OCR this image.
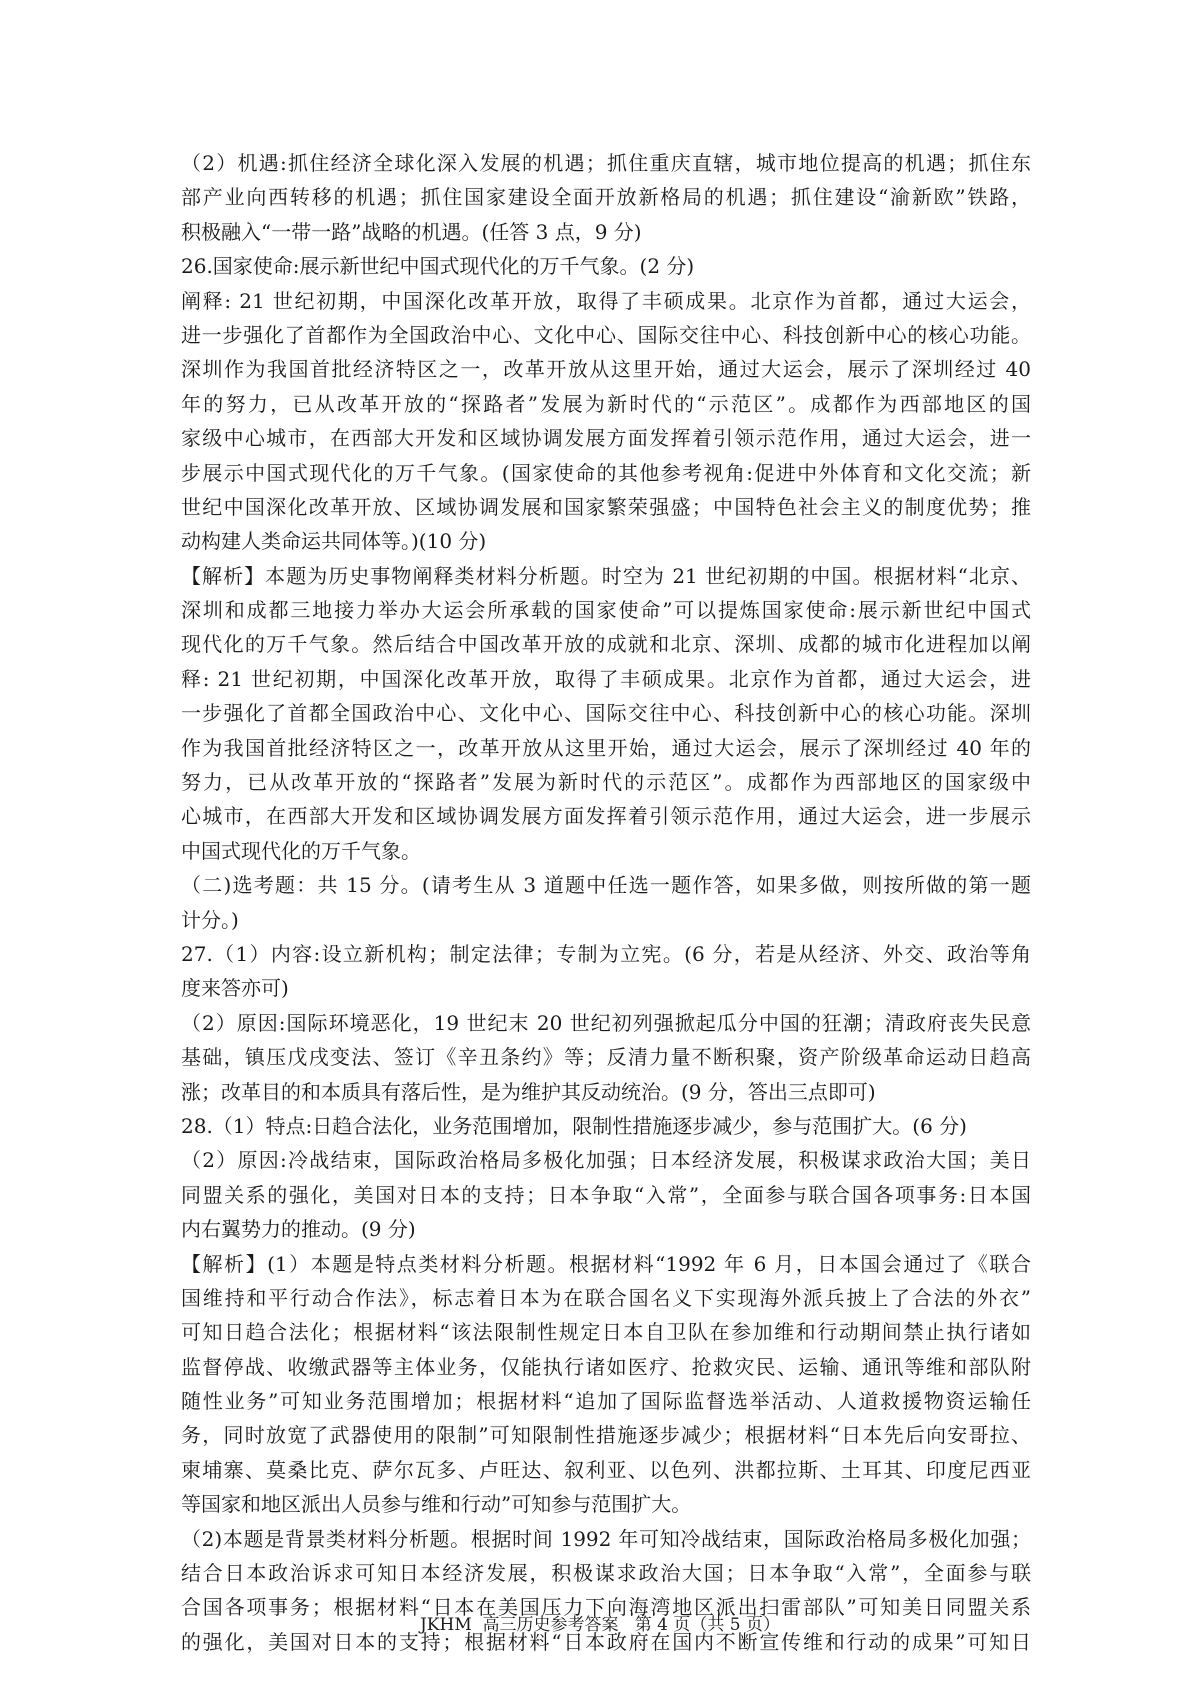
（2）机遇:抓住经济全球化深入发展的机遇；抓住重庆直辖，城市地位提高的机遇；抓住东
部产业向西转移的机遇；抓住国家建设全面开放新格局的机遇；抓住建设“渝新欧”铁路，
积极融入“一带一路”战略的机遇。(任答 3 点，9 分)
26.国家使命:展示新世纪中国式现代化的万千气象。(2 分)
阐释: 21 世纪初期，中国深化改革开放，取得了丰硕成果。北京作为首都，通过大运会，
进一步强化了首都作为全国政治中心、文化中心、国际交往中心、科技创新中心的核心功能。
深圳作为我国首批经济特区之一，改革开放从这里开始，通过大运会，展示了深圳经过 40
年的努力，已从改革开放的“探路者”发展为新时代的“示范区”。成都作为西部地区的国
家级中心城市，在西部大开发和区域协调发展方面发挥着引领示范作用，通过大运会，进一
步展示中国式现代化的万千气象。(国家使命的其他参考视角:促进中外体育和文化交流；新
世纪中国深化改革开放、区域协调发展和国家繁荣强盛；中国特色社会主义的制度优势；推
动构建人类命运共同体等。)(10 分)
【解析】本题为历史事物阐释类材料分析题。时空为 21 世纪初期的中国。根据材料“北京、
深圳和成都三地接力举办大运会所承载的国家使命”可以提炼国家使命:展示新世纪中国式
现代化的万千气象。然后结合中国改革开放的成就和北京、深圳、成都的城市化进程加以阐
释: 21 世纪初期，中国深化改革开放，取得了丰硕成果。北京作为首都，通过大运会，进
一步强化了首都全国政治中心、文化中心、国际交往中心、科技创新中心的核心功能。深圳
作为我国首批经济特区之一，改革开放从这里开始，通过大运会，展示了深圳经过 40 年的
努力，已从改革开放的“探路者”发展为新时代的示范区”。成都作为西部地区的国家级中
心城市，在西部大开发和区域协调发展方面发挥着引领示范作用，通过大运会，进一步展示
中国式现代化的万千气象。
（二)选考题：共 15 分。(请考生从 3 道题中任选一题作答，如果多做，则按所做的第一题
计分。)
27.（1）内容:设立新机构；制定法律；专制为立宪。(6 分，若是从经济、外交、政治等角
度来答亦可)
（2）原因:国际环境恶化，19 世纪末 20 世纪初列强掀起瓜分中国的狂潮；清政府丧失民意
基础，镇压戊戌变法、签订《辛丑条约》等；反清力量不断积聚，资产阶级革命运动日趋高
涨；改革目的和本质具有落后性，是为维护其反动统治。(9 分，答出三点即可)
28.（1）特点:日趋合法化，业务范围增加，限制性措施逐步减少，参与范围扩大。(6 分)
（2）原因:冷战结束，国际政治格局多极化加强；日本经济发展，积极谋求政治大国；美日
同盟关系的强化，美国对日本的支持；日本争取“入常”，全面参与联合国各项事务:日本国
内右翼势力的推动。(9 分)
【解析】(1）本题是特点类材料分析题。根据材料“1992 年 6 月，日本国会通过了《联合
国维持和平行动合作法》，标志着日本为在联合国名义下实现海外派兵披上了合法的外衣”
可知日趋合法化；根据材料“该法限制性规定日本自卫队在参加维和行动期间禁止执行诸如
监督停战、收缴武器等主体业务，仅能执行诸如医疗、抢救灾民、运输、通讯等维和部队附
随性业务”可知业务范围增加；根据材料“追加了国际监督选举活动、人道救援物资运输任
务，同时放宽了武器使用的限制”可知限制性措施逐步减少；根据材料“日本先后向安哥拉、
柬埔寨、莫桑比克、萨尔瓦多、卢旺达、叙利亚、以色列、洪都拉斯、土耳其、印度尼西亚
等国家和地区派出人员参与维和行动”可知参与范围扩大。
（2)本题是背景类材料分析题。根据时间 1992 年可知冷战结束，国际政治格局多极化加强；
结合日本政治诉求可知日本经济发展，积极谋求政治大国；日本争取“入常”，全面参与联
合国各项事务；根据材料“日本在美国压力下向海湾地区派出扫雷部队”可知美日同盟关系
的强化，美国对日本的支持；根据材料“日本政府在国内不断宣传维和行动的成果”可知日
JKHM  高三历史参考答案   第 4 页（共 5 页）
